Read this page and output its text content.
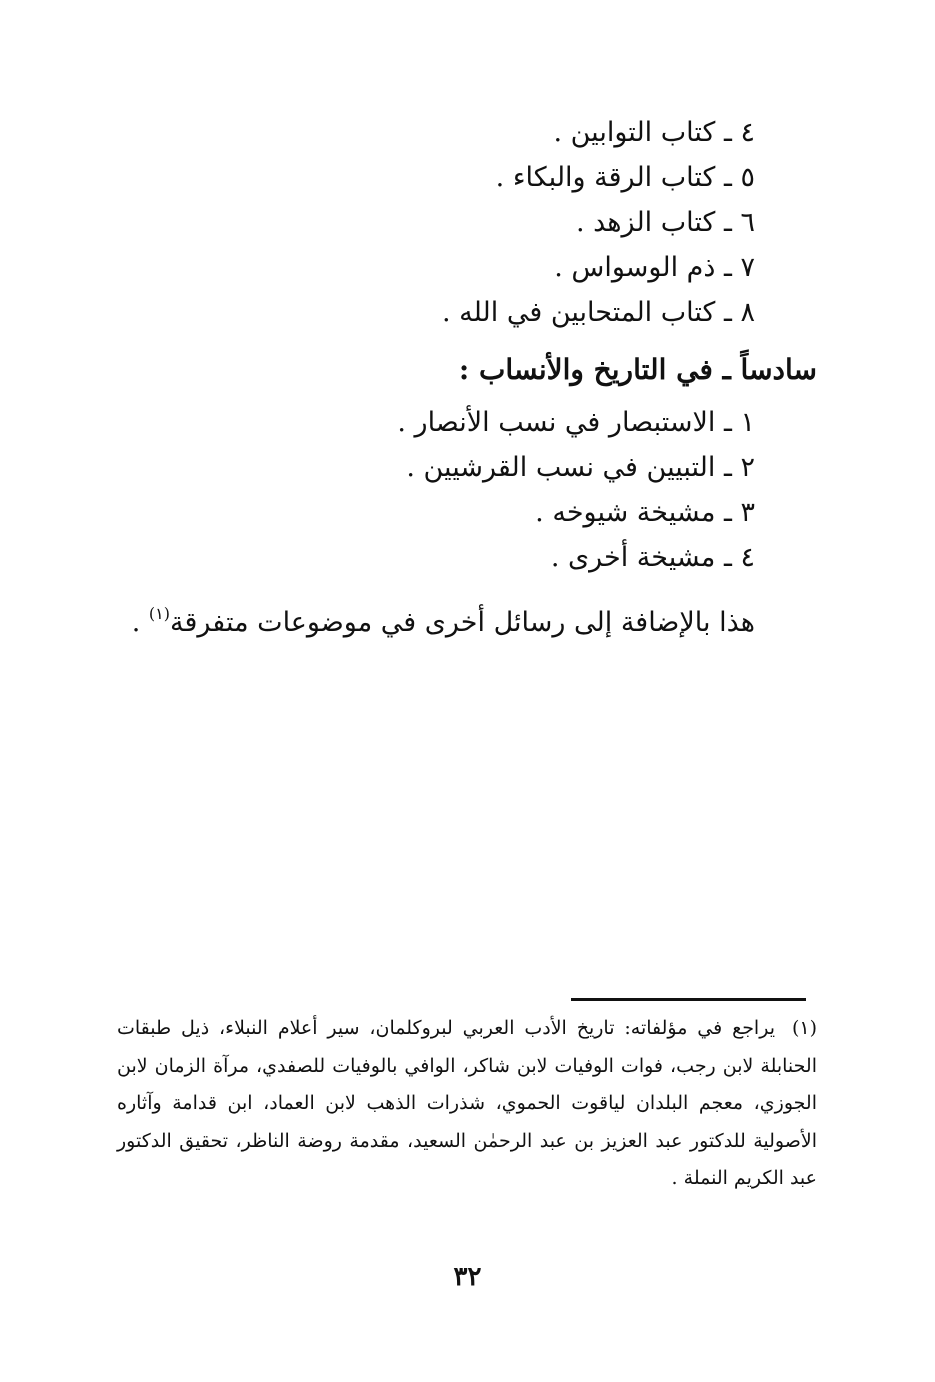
٤ ـ كتاب التوابين .
٥ ـ كتاب الرقة والبكاء .
٦ ـ كتاب الزهد .
٧ ـ ذم الوسواس .
٨ ـ كتاب المتحابين في الله .
سادساً ـ في التاريخ والأنساب :
١ ـ الاستبصار في نسب الأنصار .
٢ ـ التبيين في نسب القرشيين .
٣ ـ مشيخة شيوخه .
٤ ـ مشيخة أخرى .
هذا بالإضافة إلى رسائل أخرى في موضوعات متفرقة$^{(١)}$ .
(١)يراجع في مؤلفاته: تاريخ الأدب العربي لبروكلمان، سير أعلام النبلاء، ذيل طبقات الحنابلة لابن رجب، فوات الوفيات لابن شاكر، الوافي بالوفيات للصفدي، مرآة الزمان لابن الجوزي، معجم البلدان لياقوت الحموي، شذرات الذهب لابن العماد، ابن قدامة وآثاره الأصولية للدكتور عبد العزيز بن عبد الرحمٰن السعيد، مقدمة روضة الناظر، تحقيق الدكتور عبد الكريم النملة .
٣٢
